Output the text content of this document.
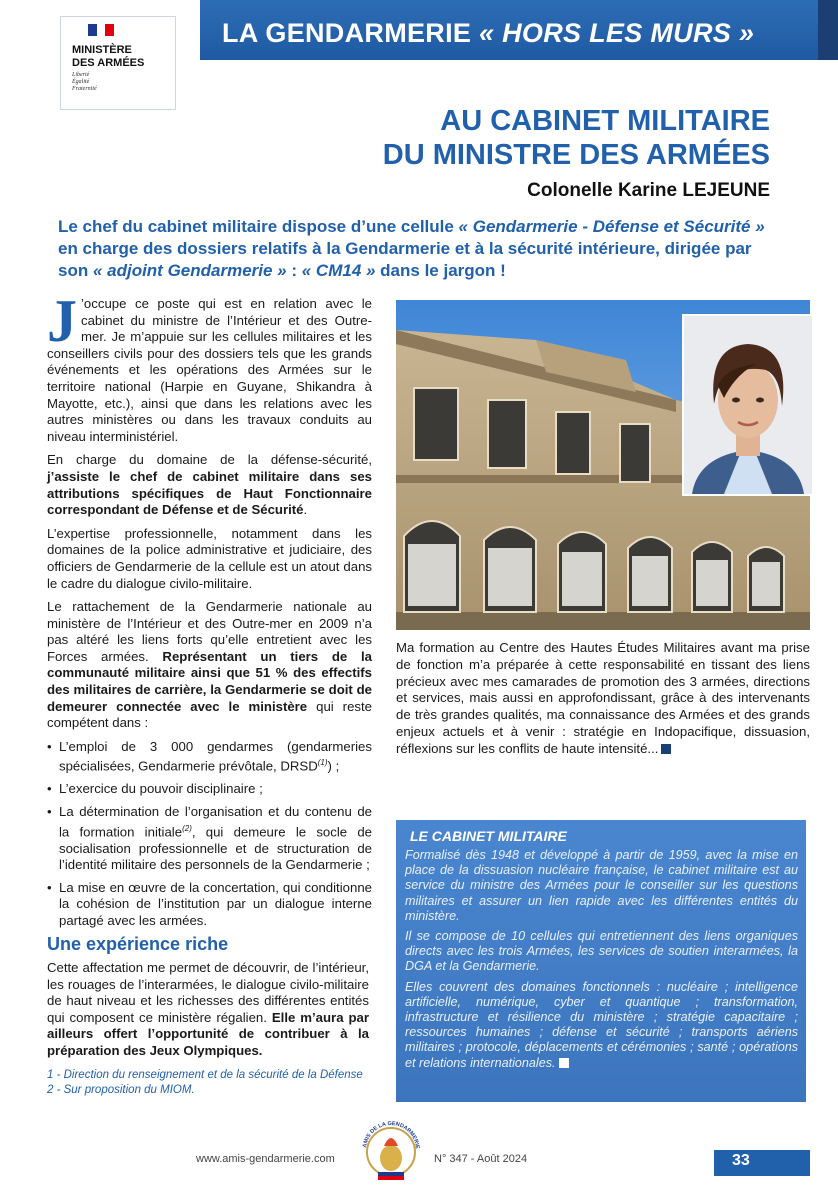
LA GENDARMERIE « HORS LES MURS »
MINISTÈRE
DES ARMÉES
Liberté
Égalité
Fraternité
AU CABINET MILITAIRE
DU MINISTRE DES ARMÉES
Colonelle Karine LEJEUNE
Le chef du cabinet militaire dispose d’une cellule « Gendarmerie - Défense et Sécurité » en charge des dossiers relatifs à la Gendarmerie et à la sécurité intérieure, dirigée par son « adjoint Gendarmerie » : « CM14 » dans le jargon !

J ’occupe ce poste qui est en relation avec le cabinet du ministre de l’Intérieur et des Outre-mer. Je m’appuie sur les cellules militaires et les conseillers civils pour des dossiers tels que les grands événements et les opérations des Armées sur le territoire national (Harpie en Guyane, Shikandra à Mayotte, etc.), ainsi que dans les relations avec les autres ministères ou dans les travaux conduits au niveau interministériel.

En charge du domaine de la défense-sécurité, j’assiste le chef de cabinet militaire dans ses attributions spécifiques de Haut Fonctionnaire correspondant de Défense et de Sécurité.

L’expertise professionnelle, notamment dans les domaines de la police administrative et judiciaire, des officiers de Gendarmerie de la cellule est un atout dans le cadre du dialogue civilo-militaire.

Le rattachement de la Gendarmerie nationale au ministère de l’Intérieur et des Outre-mer en 2009 n’a pas altéré les liens forts qu’elle entretient avec les Forces armées. Représentant un tiers de la communauté militaire ainsi que 51 % des effectifs des militaires de carrière, la Gendarmerie se doit de demeurer connectée avec le ministère qui reste compétent dans :

• L’emploi de 3 000 gendarmes (gendarmeries spécialisées, Gendarmerie prévôtale, DRSD$^{(1)}$) ;
• L’exercice du pouvoir disciplinaire ;
• La détermination de l’organisation et du contenu de la formation initiale$^{(2)}$, qui demeure le socle de socialisation professionnelle et de structuration de l’identité militaire des personnels de la Gendarmerie ;
• La mise en œuvre de la concertation, qui conditionne la cohésion de l’institution par un dialogue interne partagé avec les armées.
Une expérience riche
Cette affectation me permet de découvrir, de l’intérieur, les rouages de l’interarmées, le dialogue civilo-militaire de haut niveau et les richesses des différentes entités qui composent ce ministère régalien. Elle m’aura par ailleurs offert l’opportunité de contribuer à la préparation des Jeux Olympiques.
1 - Direction du renseignement et de la sécurité de la Défense
2 - Sur proposition du MIOM.
Ma formation au Centre des Hautes Études Militaires avant ma prise de fonction m’a préparée à cette responsabilité en tissant des liens précieux avec mes camarades de promotion des 3 armées, directions et services, mais aussi en approfondissant, grâce à des intervenants de très grandes qualités, ma connaissance des Armées et des grands enjeux actuels et à venir : stratégie en Indopacifique, dissuasion, réflexions sur les conflits de haute intensité...
LE CABINET MILITAIRE

Formalisé dès 1948 et développé à partir de 1959, avec la mise en place de la dissuasion nucléaire française, le cabinet militaire est au service du ministre des Armées pour le conseiller sur les questions militaires et assurer un lien rapide avec les différentes entités du ministère.

Il se compose de 10 cellules qui entretiennent des liens organiques directs avec les trois Armées, les services de soutien interarmées, la DGA et la Gendarmerie.

Elles couvrent des domaines fonctionnels : nucléaire ; intelligence artificielle, numérique, cyber et quantique ; transformation, infrastructure et résilience du ministère ; stratégie capacitaire ; ressources humaines ; défense et sécurité ; transports aériens militaires ; protocole, déplacements et cérémonies ; santé ; opérations et relations internationales.

www.amis-gendarmerie.com
AMIS DE LA GENDARMERIE
N° 347 - Août 2024	33
